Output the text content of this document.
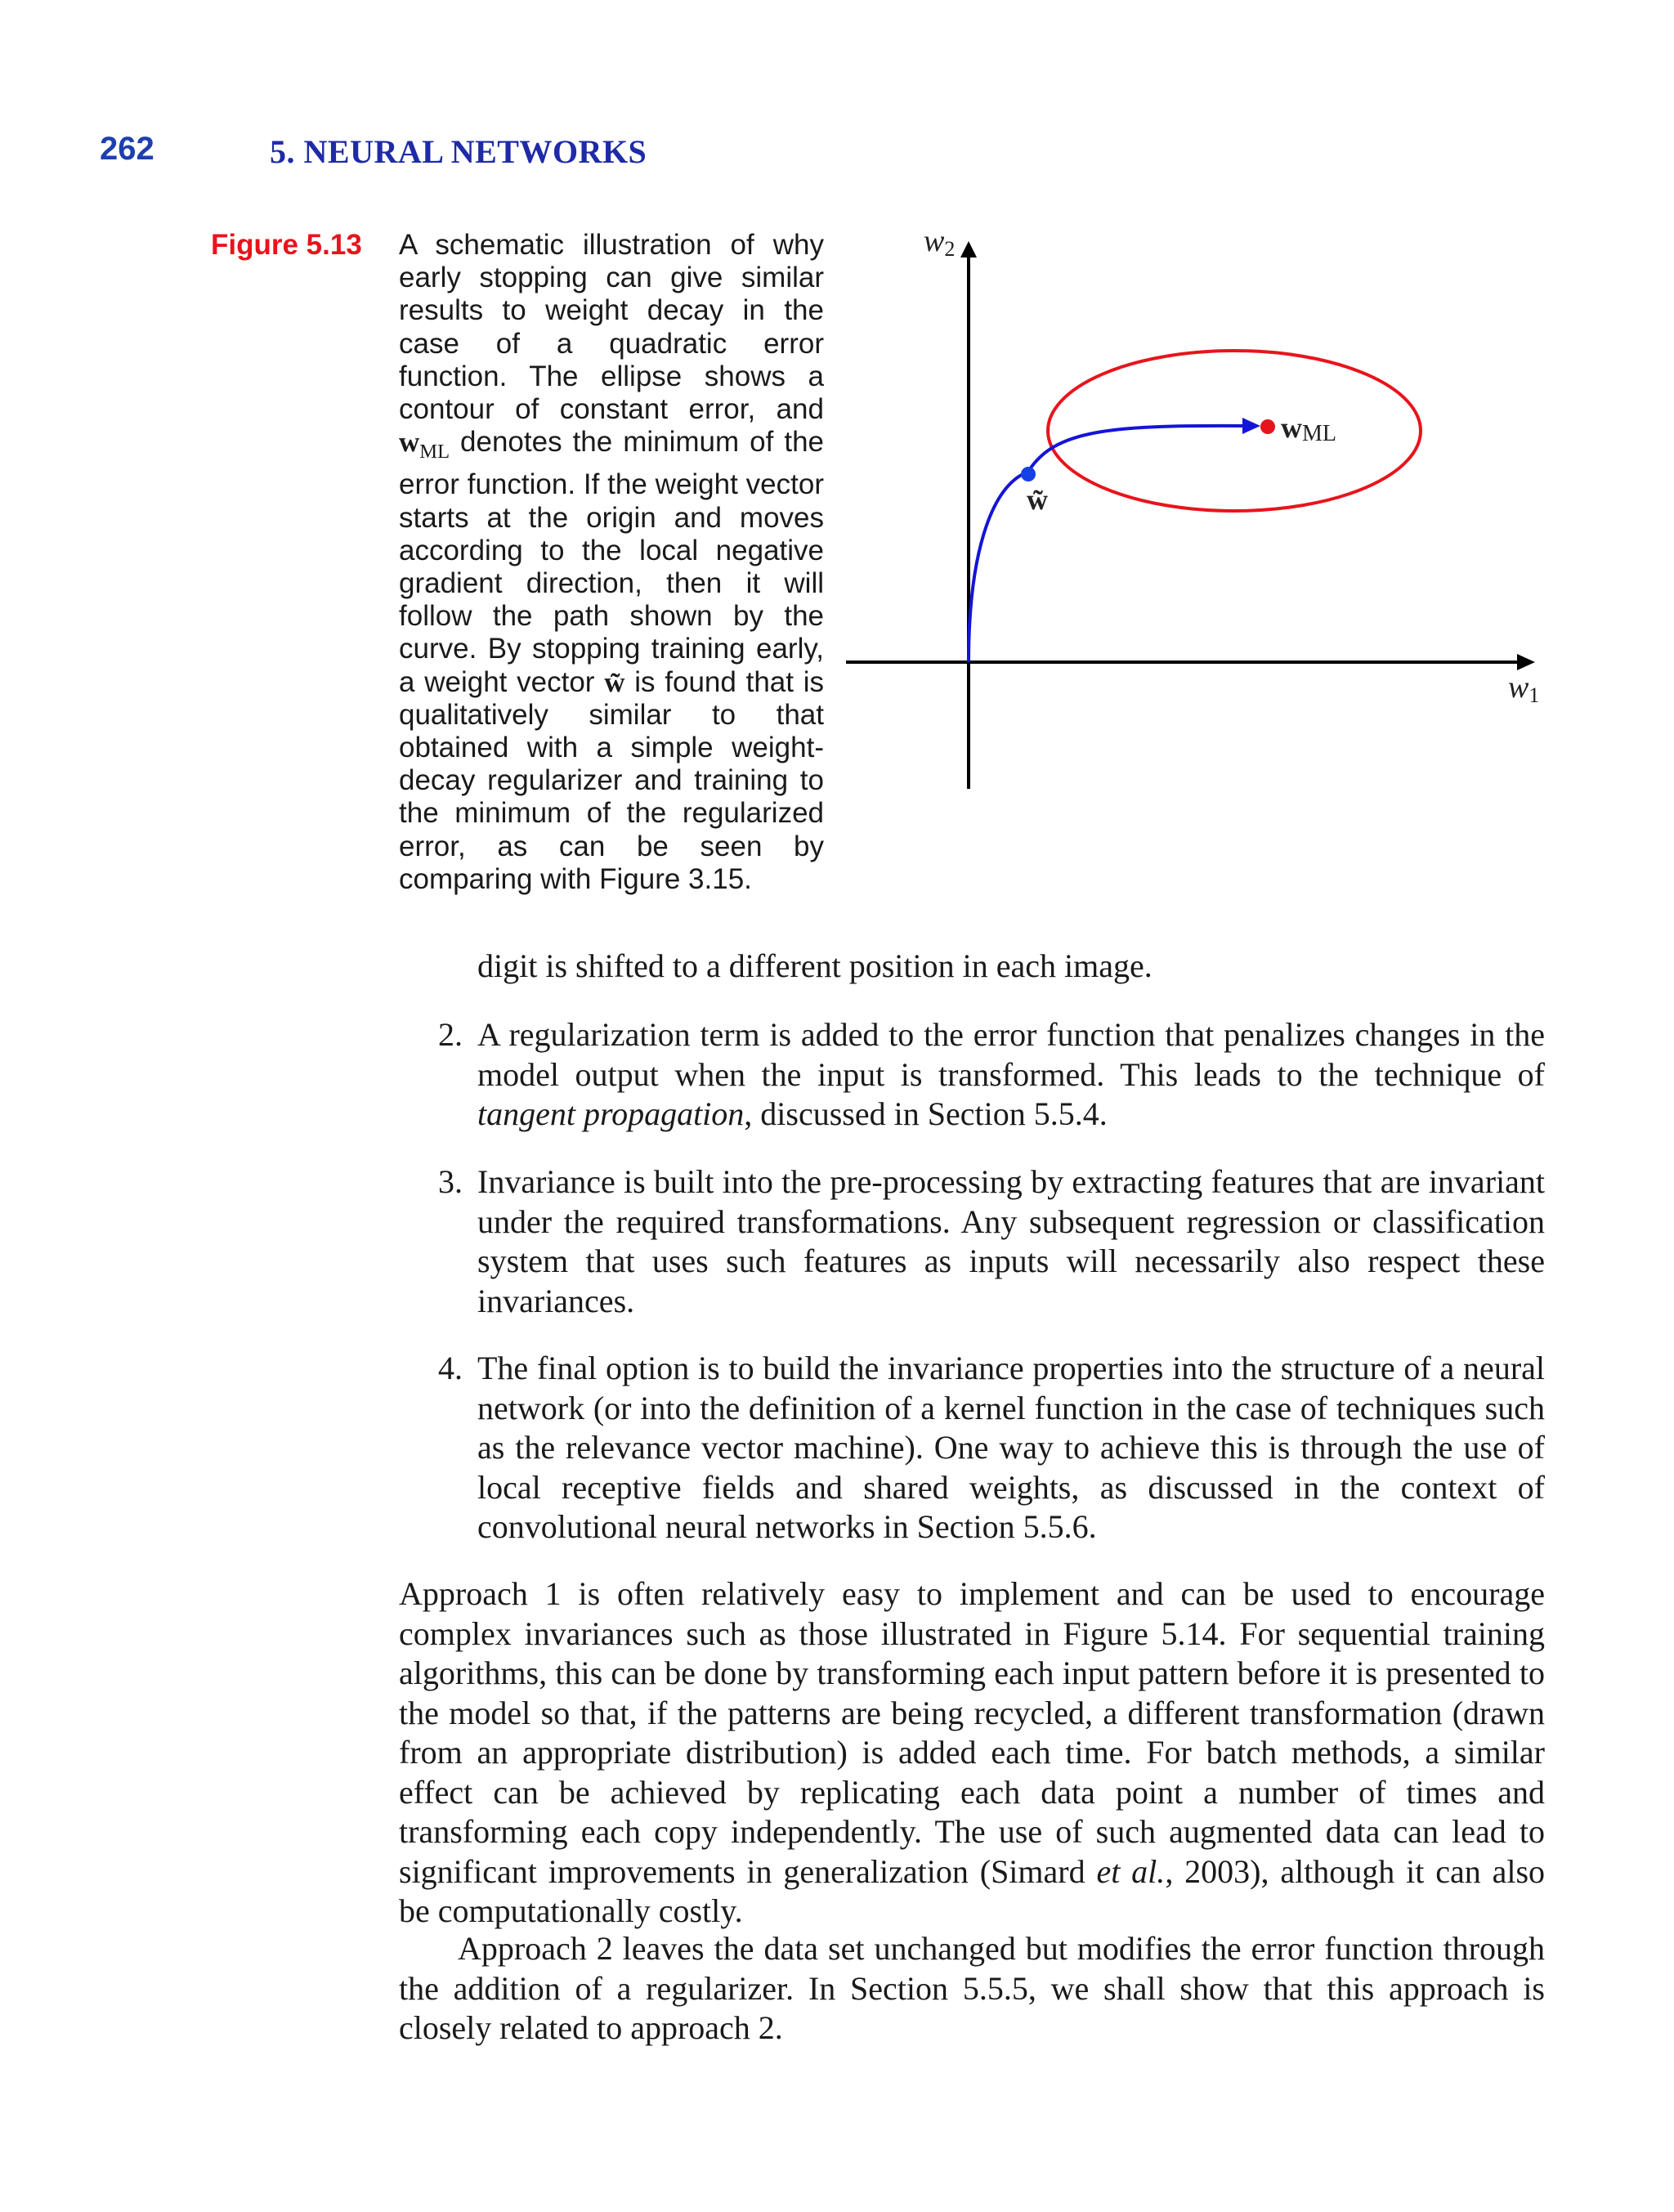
262	5. NEURAL NETWORKS
Figure 5.13 A schematic illustration of why early stopping can give similar results to weight decay in the case of a quadratic error function. The ellipse shows a contour of constant error, and $w_{ML}$ denotes the minimum of the error function. If the weight vector starts at the origin and moves according to the local negative gradient direction, then it will follow the path shown by the curve. By stopping training early, a weight vector w̃ is found that is qualitatively similar to that obtained with a simple weight-decay regularizer and training to the minimum of the regularized error, as can be seen by comparing with Figure 3.15.
w2
w1
wML
w̃
digit is shifted to a different position in each image.
2. A regularization term is added to the error function that penalizes changes in the model output when the input is transformed. This leads to the technique of tangent propagation, discussed in Section 5.5.4.
3. Invariance is built into the pre-processing by extracting features that are invariant under the required transformations. Any subsequent regression or classification system that uses such features as inputs will necessarily also respect these invariances.
4. The final option is to build the invariance properties into the structure of a neural network (or into the definition of a kernel function in the case of techniques such as the relevance vector machine). One way to achieve this is through the use of local receptive fields and shared weights, as discussed in the context of convolutional neural networks in Section 5.5.6.
Approach 1 is often relatively easy to implement and can be used to encourage complex invariances such as those illustrated in Figure 5.14. For sequential training algorithms, this can be done by transforming each input pattern before it is presented to the model so that, if the patterns are being recycled, a different transformation (drawn from an appropriate distribution) is added each time. For batch methods, a similar effect can be achieved by replicating each data point a number of times and transforming each copy independently. The use of such augmented data can lead to significant improvements in generalization (Simard et al., 2003), although it can also be computationally costly.
Approach 2 leaves the data set unchanged but modifies the error function through the addition of a regularizer. In Section 5.5.5, we shall show that this approach is closely related to approach 2.
